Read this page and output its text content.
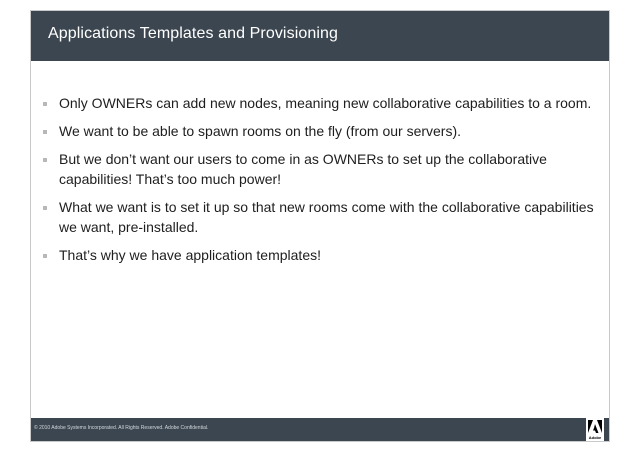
Applications Templates and Provisioning
Only OWNERs can add new nodes, meaning new collaborative capabilities to a room.
We want to be able to spawn rooms on the fly (from our servers).
But we don’t want our users to come in as OWNERs to set up the collaborative capabilities! That’s too much power!
What we want is to set it up so that new rooms come with the collaborative capabilities we want, pre-installed.
That’s why we have application templates!
© 2010 Adobe Systems Incorporated. All Rights Reserved. Adobe Confidential.
Adobe
